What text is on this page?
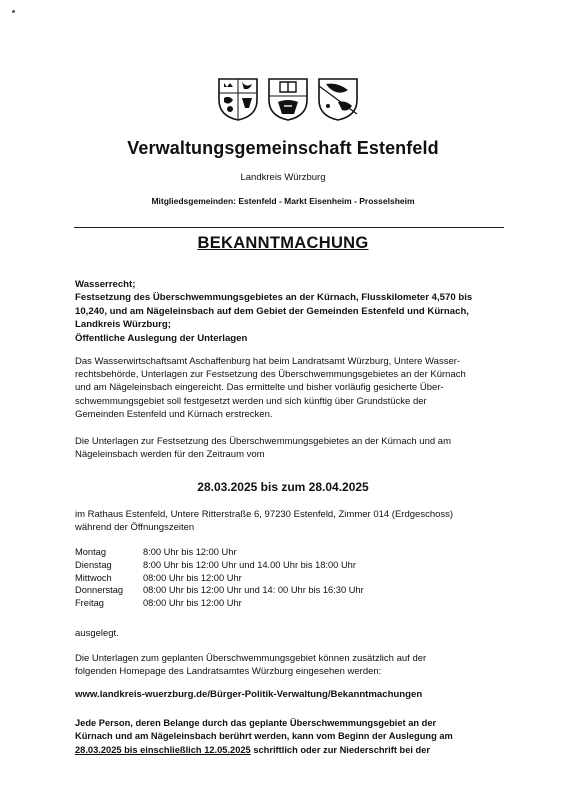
Verwaltungsgemeinschaft Estenfeld
Landkreis Würzburg
Mitgliedsgemeinden: Estenfeld - Markt Eisenheim - Prosselsheim
BEKANNTMACHUNG
Wasserrecht;
Festsetzung des Überschwemmungsgebietes an der Kürnach, Flusskilometer 4,570 bis
10,240, und am Nägeleinsbach auf dem Gebiet der Gemeinden Estenfeld und Kürnach,
Landkreis Würzburg;
Öffentliche Auslegung der Unterlagen
Das Wasserwirtschaftsamt Aschaffenburg hat beim Landratsamt Würzburg, Untere Wasser-
rechtsbehörde, Unterlagen zur Festsetzung des Überschwemmungsgebietes an der Kürnach
und am Nägeleinsbach eingereicht. Das ermittelte und bisher vorläufig gesicherte Über-
schwemmungsgebiet soll festgesetzt werden und sich künftig über Grundstücke der
Gemeinden Estenfeld und Kürnach erstrecken.
Die Unterlagen zur Festsetzung des Überschwemmungsgebietes an der Kürnach und am
Nägeleinsbach werden für den Zeitraum vom
28.03.2025 bis zum 28.04.2025
im Rathaus Estenfeld, Untere Ritterstraße 6, 97230 Estenfeld, Zimmer 014 (Erdgeschoss)
während der Öffnungszeiten
Montag	8:00 Uhr bis 12:00 Uhr
Dienstag	8:00 Uhr bis 12:00 Uhr und 14.00 Uhr bis 18:00 Uhr
Mittwoch	08:00 Uhr bis 12:00 Uhr
Donnerstag	08:00 Uhr bis 12:00 Uhr und 14: 00 Uhr bis 16:30 Uhr
Freitag	08:00 Uhr bis 12:00 Uhr
ausgelegt.
Die Unterlagen zum geplanten Überschwemmungsgebiet können zusätzlich auf der
folgenden Homepage des Landratsamtes Würzburg eingesehen werden:
www.landkreis-wuerzburg.de/Bürger-Politik-Verwaltung/Bekanntmachungen
Jede Person, deren Belange durch das geplante Überschwemmungsgebiet an der
Kürnach und am Nägeleinsbach berührt werden, kann vom Beginn der Auslegung am
28.03.2025 bis einschließlich 12.05.2025 schriftlich oder zur Niederschrift bei der
